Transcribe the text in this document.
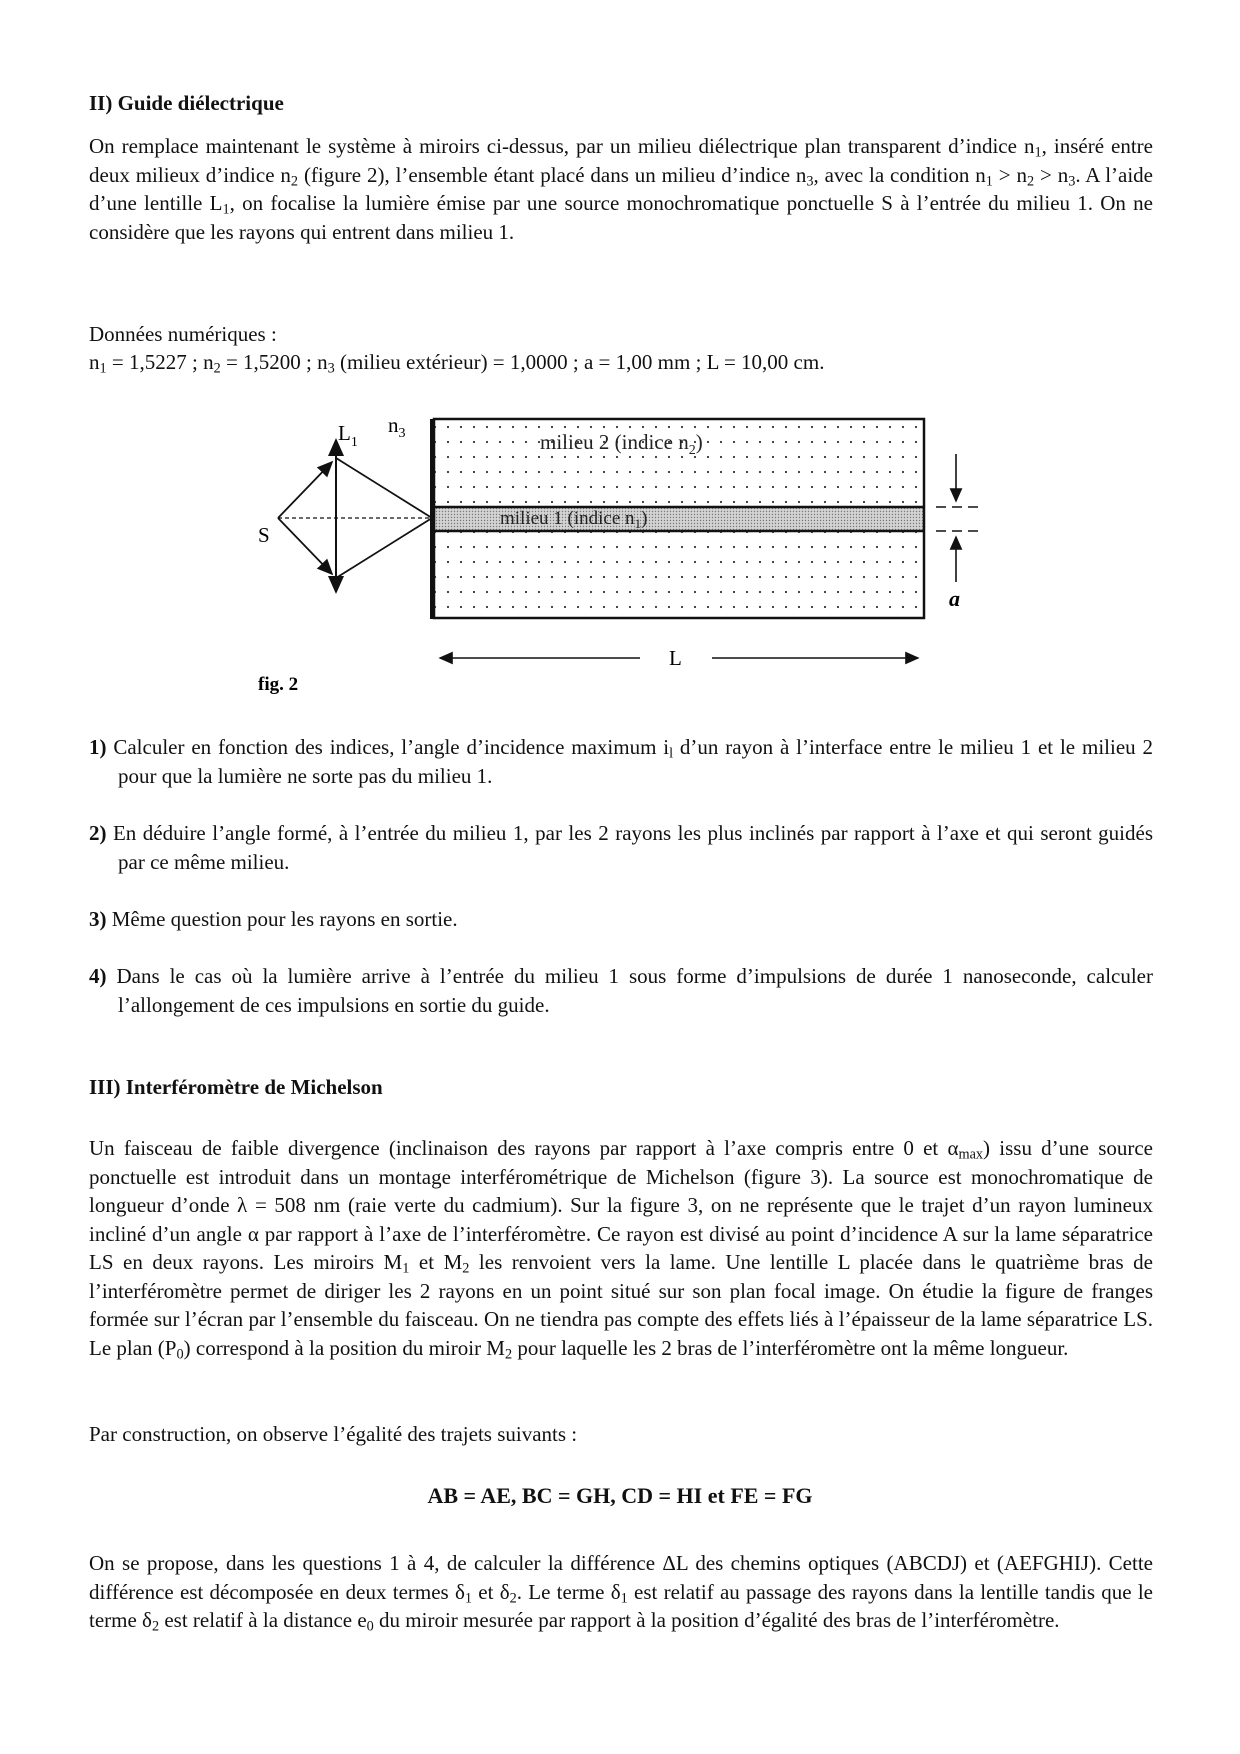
II) Guide diélectrique

On remplace maintenant le système à miroirs ci-dessus, par un milieu diélectrique plan transparent d’indice $n_1$, inséré entre deux milieux d’indice $n_2$ (figure 2), l’ensemble étant placé dans un milieu d’indice $n_3$, avec la condition $n_1 > n_2 > n_3$. A l’aide d’une lentille $L_1$, on focalise la lumière émise par une source monochromatique ponctuelle S à l’entrée du milieu 1. On ne considère que les rayons qui entrent dans milieu 1.

Données numériques :
$n_1 = 1,5227$ ; $n_2 = 1,5200$ ; $n_3$ (milieu extérieur) = 1,0000 ; a = 1,00 mm ; L = 10,00 cm.
$L_1$
$n_3$
S
milieu 2 (indice $n_2$)
milieu 1 (indice $n_1$)
a
L
fig. 2

1) Calculer en fonction des indices, l’angle d’incidence maximum $i_l$ d’un rayon à l’interface entre le milieu 1 et le milieu 2 pour que la lumière ne sorte pas du milieu 1.

2) En déduire l’angle formé, à l’entrée du milieu 1, par les 2 rayons les plus inclinés par rapport à l’axe et qui seront guidés par ce même milieu.

3) Même question pour les rayons en sortie.

4) Dans le cas où la lumière arrive à l’entrée du milieu 1 sous forme d’impulsions de durée 1 nanoseconde, calculer l’allongement de ces impulsions en sortie du guide.

III) Interféromètre de Michelson

Un faisceau de faible divergence (inclinaison des rayons par rapport à l’axe compris entre 0 et $\alpha_{max}$) issu d’une source ponctuelle est introduit dans un montage interférométrique de Michelson (figure 3). La source est monochromatique de longueur d’onde λ = 508 nm (raie verte du cadmium). Sur la figure 3, on ne représente que le trajet d’un rayon lumineux incliné d’un angle α par rapport à l’axe de l’interféromètre. Ce rayon est divisé au point d’incidence A sur la lame séparatrice LS en deux rayons. Les miroirs $M_1$ et $M_2$ les renvoient vers la lame. Une lentille L placée dans le quatrième bras de l’interféromètre permet de diriger les 2 rayons en un point situé sur son plan focal image. On étudie la figure de franges formée sur l’écran par l’ensemble du faisceau. On ne tiendra pas compte des effets liés à l’épaisseur de la lame séparatrice LS. Le plan $(P_0)$ correspond à la position du miroir $M_2$ pour laquelle les 2 bras de l’interféromètre ont la même longueur.

Par construction, on observe l’égalité des trajets suivants :
AB = AE, BC = GH, CD = HI et FE = FG

On se propose, dans les questions 1 à 4, de calculer la différence ΔL des chemins optiques (ABCDJ) et (AEFGHIJ). Cette différence est décomposée en deux termes $\delta_1$ et $\delta_2$. Le terme $\delta_1$ est relatif au passage des rayons dans la lentille tandis que le terme $\delta_2$ est relatif à la distance $e_0$ du miroir mesurée par rapport à la position d’égalité des bras de l’interféromètre.
